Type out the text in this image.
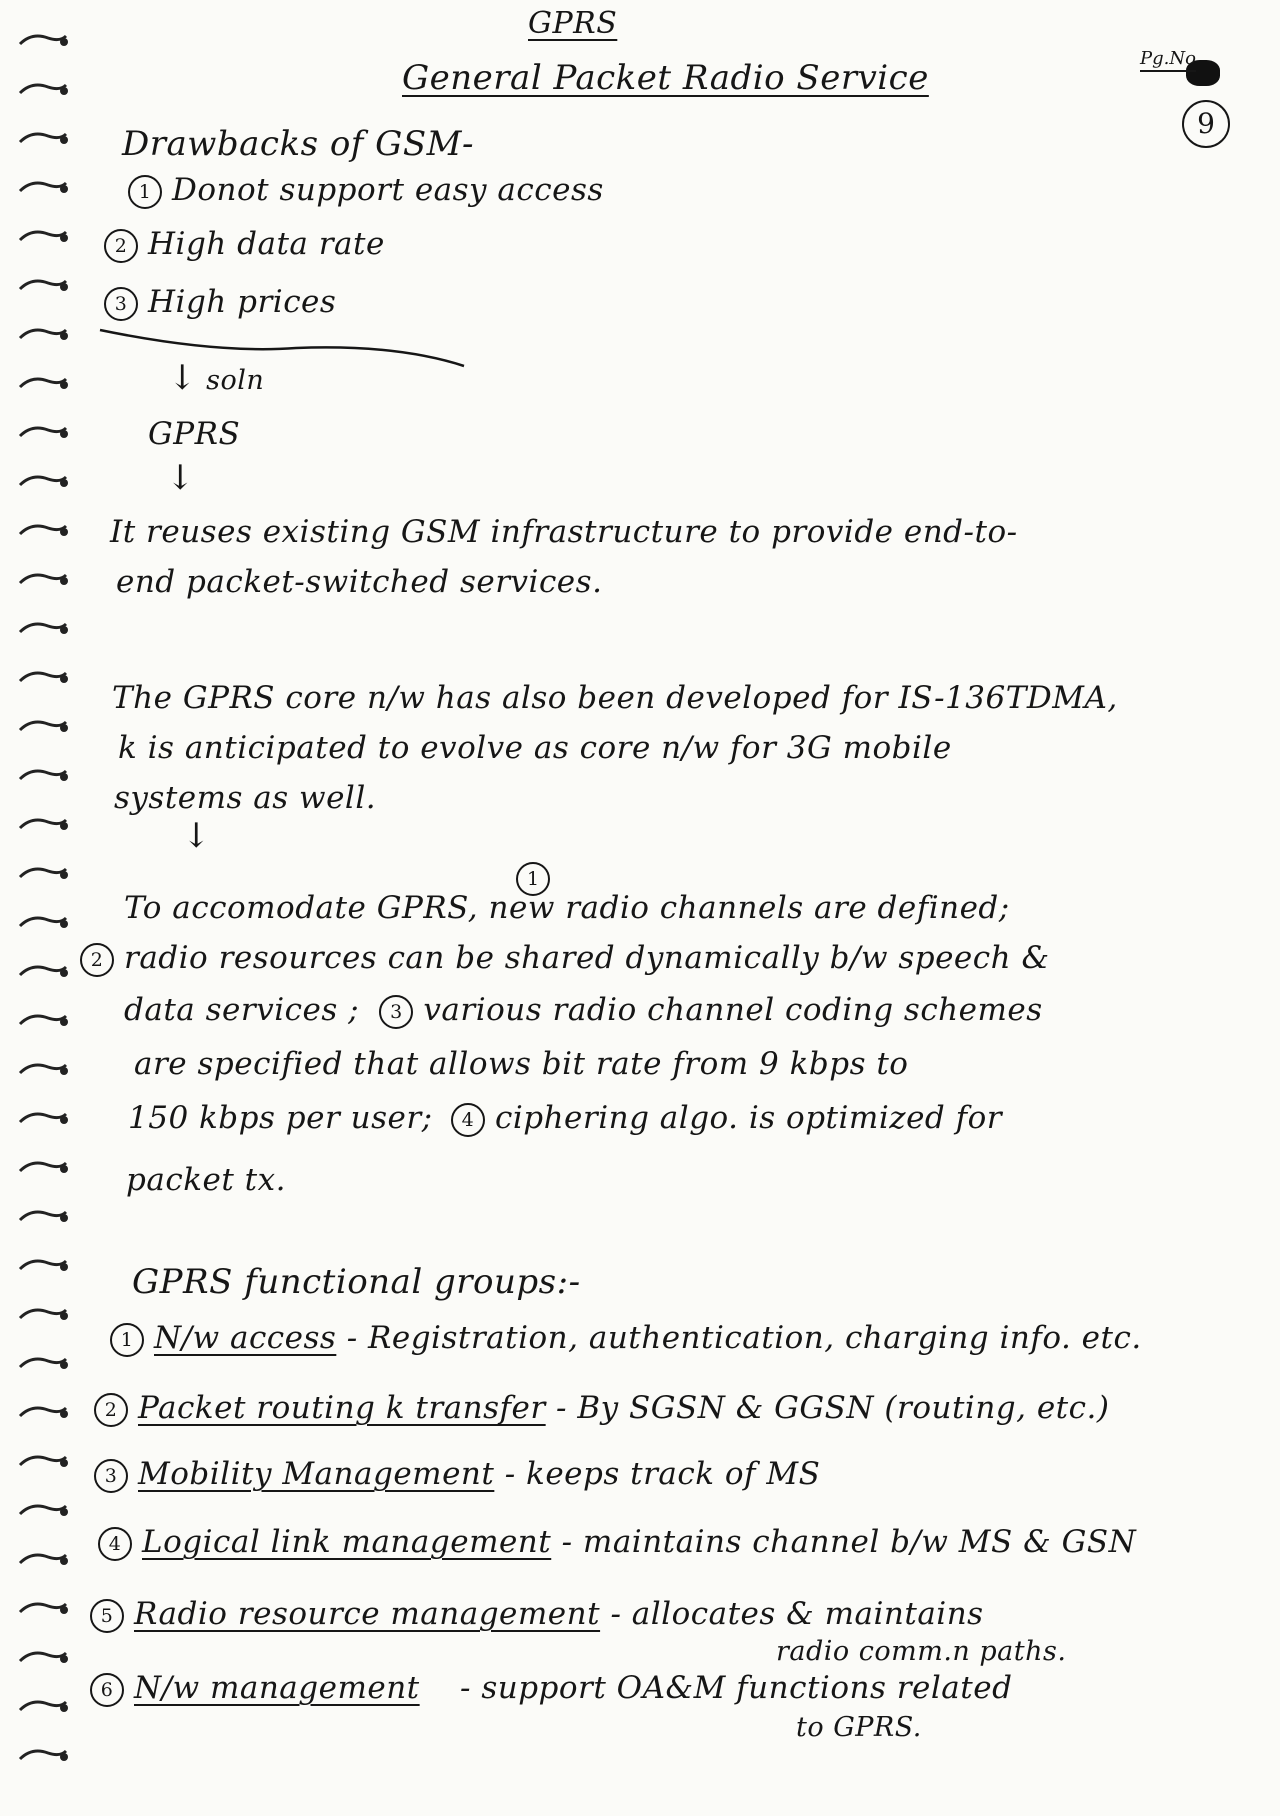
GPRS
General Packet Radio Service	Pg.No
9
Drawbacks of GSM-
1 Donot support easy access
2 High data rate
3 High prices
↓ soln
GPRS
↓
It reuses existing GSM infrastructure to provide end-to-
end packet-switched services.
The GPRS core n/w has also been developed for IS-136TDMA,
k is anticipated to evolve as core n/w for 3G mobile
systems as well.
↓
1
To accomodate GPRS, new radio channels are defined;
2 radio resources can be shared dynamically b/w speech &
data services ; 3 various radio channel coding schemes
are specified that allows bit rate from 9 kbps to
150 kbps per user; 4 ciphering algo. is optimized for
packet tx.
GPRS functional groups:-
1 N/w access - Registration, authentication, charging info. etc.
2 Packet routing k transfer - By SGSN & GGSN (routing, etc.)
3 Mobility Management - keeps track of MS
4 Logical link management - maintains channel b/w MS & GSN
5 Radio resource management - allocates & maintains
radio comm.n paths.
6 N/w management - support OA&M functions related
to GPRS.
